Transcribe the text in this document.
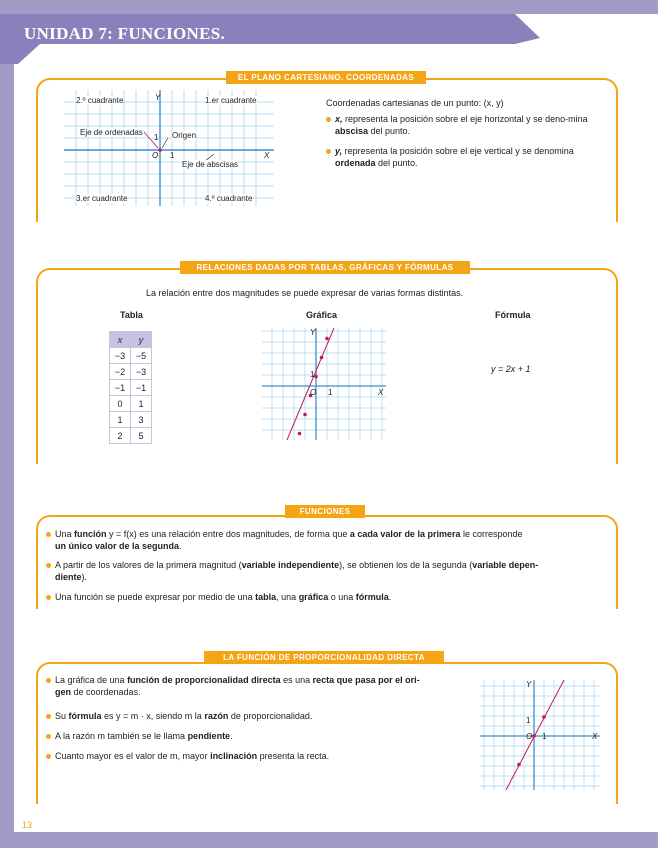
UNIDAD 7: FUNCIONES.
EL PLANO CARTESIANO. COORDENADAS
2.º cuadrante	1.er cuadrante
3.er cuadrante	4.º cuadrante
Eje de ordenadas	Origen
Eje de abscisas
X
Y
O 1
1
Coordenadas cartesianas de un punto: (x, y)
x, representa la posición sobre el eje horizontal y se deno-mina abscisa del punto.
y, representa la posición sobre el eje vertical y se denomina ordenada del punto.
RELACIONES DADAS POR TABLAS, GRÁFICAS Y FÓRMULAS
La relación entre dos magnitudes se puede expresar de varias formas distintas.
Tabla	Gráfica	Fórmula
x	y
−3	−5
−2	−3
−1	−1
0	1
1	3
2	5
X
Y
O 1
1
y = 2x + 1
FUNCIONES
Una función y = f(x) es una relación entre dos magnitudes, de forma que a cada valor de la primera le corresponde
un único valor de la segunda.
A partir de los valores de la primera magnitud (variable independiente), se obtienen los de la segunda (variable depen-
diente).
Una función se puede expresar por medio de una tabla, una gráfica o una fórmula.
LA FUNCIÓN DE PROPORCIONALIDAD DIRECTA
La gráfica de una función de proporcionalidad directa es una recta que pasa por el ori-
gen de coordenadas.
Su fórmula es y = m · x, siendo m la razón de proporcionalidad.
A la razón m también se le llama pendiente.
Cuanto mayor es el valor de m, mayor inclinación presenta la recta.
X
Y
O 1
1
13
